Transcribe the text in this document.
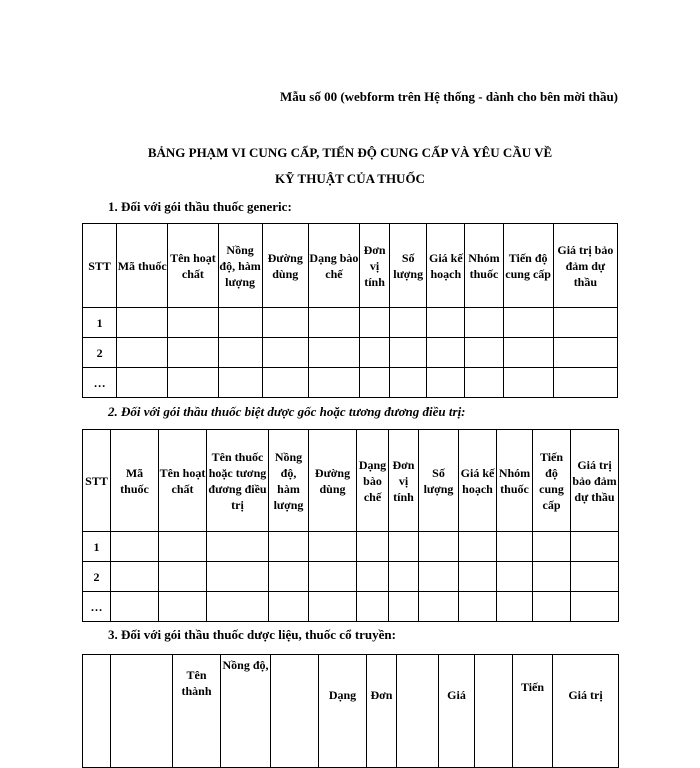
Mẫu số 00 (webform trên Hệ thống - dành cho bên mời thầu)
BẢNG PHẠM VI CUNG CẤP, TIẾN ĐỘ CUNG CẤP VÀ YÊU CẦU VỀ
KỸ THUẬT CỦA THUỐC
1. Đối với gói thầu thuốc generic:
STT	Mã thuốc	Tên hoạt chất	Nồng độ, hàm lượng	Đường dùng	Dạng bào chế	Đơn vị tính	Số lượng	Giá kế hoạch	Nhóm thuốc	Tiến độ cung cấp	Giá trị bảo đảm dự thầu
1											
2											
…											
2. Đối với gói thầu thuốc biệt dược gốc hoặc tương đương điều trị:
STT	Mã thuốc	Tên hoạt chất	Tên thuốc hoặc tương đương điều trị	Nồng độ, hàm lượng	Đường dùng	Dạng bào chế	Đơn vị tính	Số lượng	Giá kế hoạch	Nhóm thuốc	Tiến độ cung cấp	Giá trị bảo đảm dự thầu
1												
2												
…												
3. Đối với gói thầu thuốc dược liệu, thuốc cổ truyền:
		Tên thành	Nồng độ,		Dạng	Đơn		Giá		Tiến	Giá trị
